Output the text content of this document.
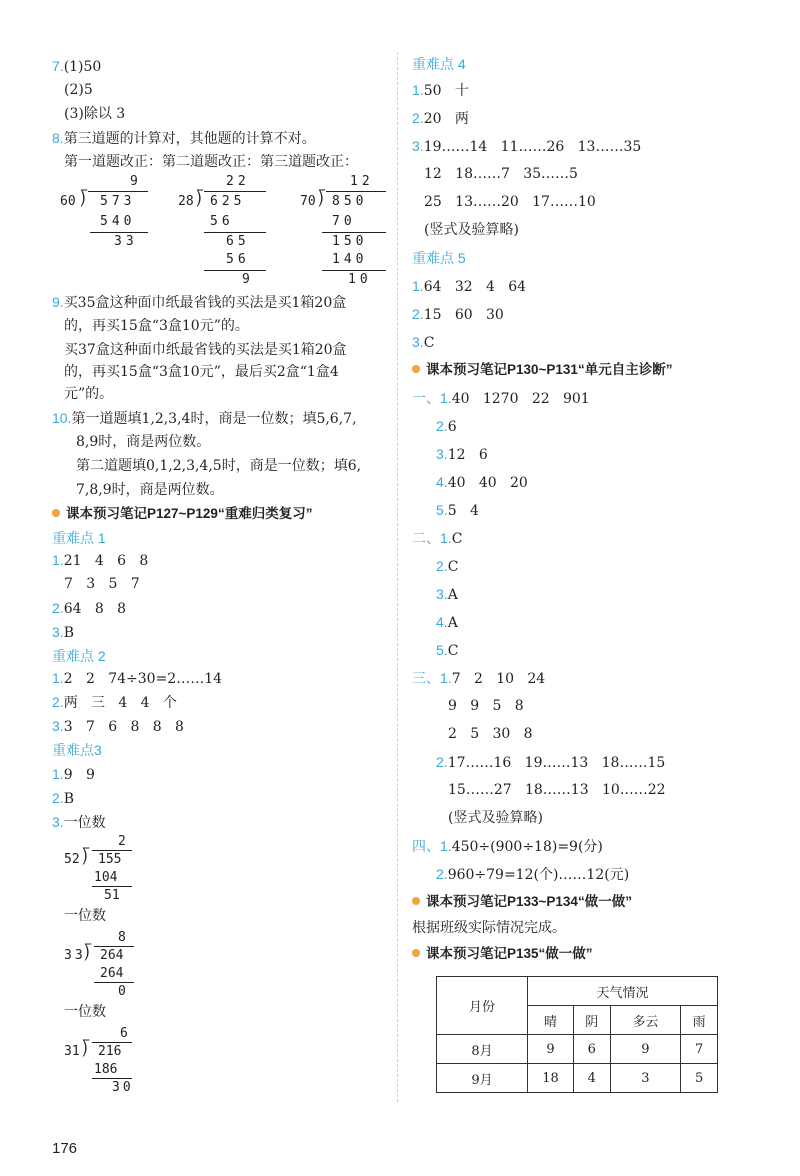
7.(1)50
(2)5
(3)除以 3
8.第三道题的计算对，其他题的计算不对。
第一道题改正：第二道题改正：第三道题改正：
9
60 ⟌ 573
540
33
22
28 ⟌ 625
56
65
56
9
12
70 ⟌ 850
70
150
140
10
9.买35盒这种面巾纸最省钱的买法是买1箱20盒
的，再买15盒“3盒10元”的。
买37盒这种面巾纸最省钱的买法是买1箱20盒
的，再买15盒“3盒10元”，最后买2盒“1盒4
元”的。
10.第一道题填1,2,3,4时，商是一位数；填5,6,7,
8,9时，商是两位数。
第二道题填0,1,2,3,4,5时，商是一位数；填6,
7,8,9时，商是两位数。
课本预习笔记P127~P129“重难归类复习”
重难点 1
1.21   4   6   8
7   3   5   7
2.64   8   8
3.B
重难点 2
1.2   2   74÷30=2……14
2.两   三   4   4   个
3.3   7   6   8   8   8
重难点3
1.9   9
2.B
3.一位数
2
52 ⟌ 155
104
51
一位数
8
33
⟌ 264
264
0
一位数
6
31 ⟌ 216
186
30
重难点 4
1.50   十
2.20   两
3.19……14   11……26   13……35
12   18……7   35……5
25   13……20   17……10
(竖式及验算略)
重难点 5
1.64   32   4   64
2.15   60   30
3.C
课本预习笔记P130~P131“单元自主诊断”
一、1.40   1270   22   901
2.6
3.12   6
4.40   40   20
5.5   4
二、1.C
2.C
3.A
4.A
5.C
三、1.7   2   10   24
9   9   5   8
2   5   30   8
2.17……16   19……13   18……15
15……27   18……13   10……22
(竖式及验算略)
四、1.450÷(900÷18)=9(分)
2.960÷79=12(个)……12(元)
课本预习笔记P133~P134“做一做”
根据班级实际情况完成。
课本预习笔记P135“做一做”
月份	天气情况			
	晴	阴	多云	雨
8月	9	6	9	7
9月	18	4	3	5
176
